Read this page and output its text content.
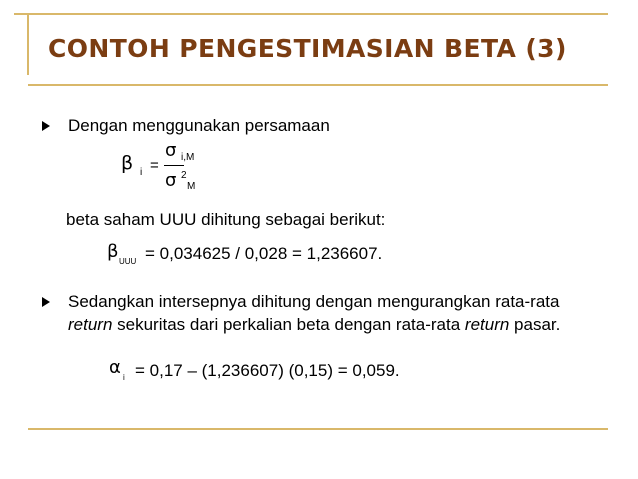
CONTOH PENGESTIMASIAN BETA (3)
Dengan menggunakan persamaan
β i =
σ i,M
σ 2
M
beta saham UUU dihitung sebagai berikut:
β UUU = 0,034625 / 0,028 = 1,236607.
Sedangkan intersepnya dihitung dengan mengurangkan rata-rata return sekuritas dari perkalian beta dengan rata-rata return pasar.
α i = 0,17 – (1,236607) (0,15) = 0,059.
